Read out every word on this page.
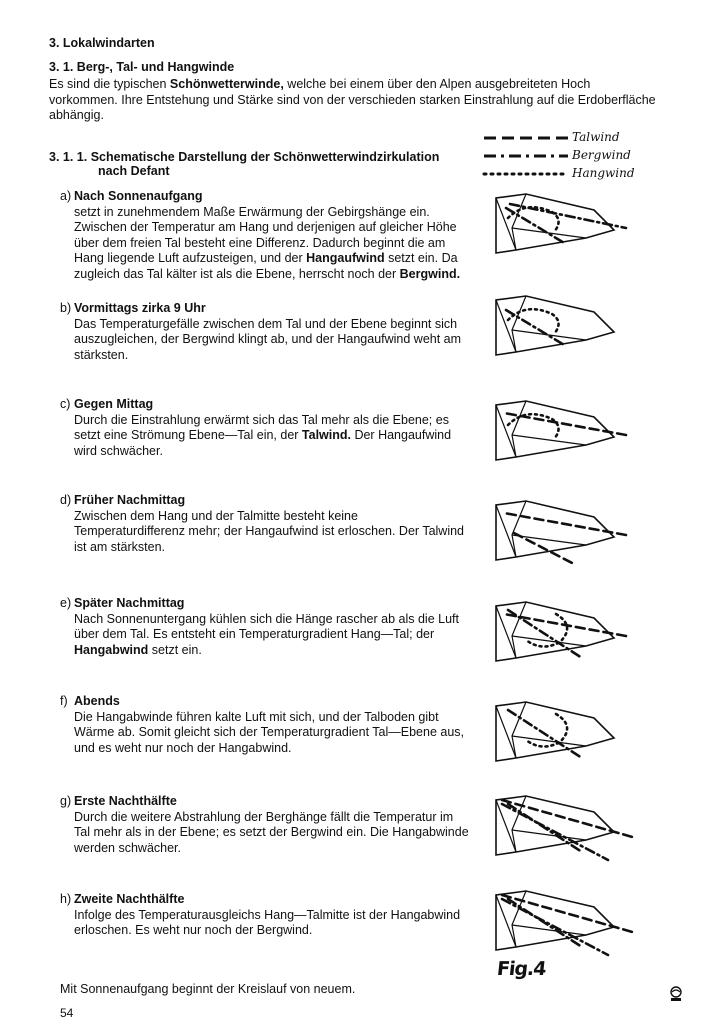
3. Lokalwindarten
3. 1. Berg-, Tal- und Hangwinde
Es sind die typischen Schönwetterwinde, welche bei einem über den Alpen ausgebreiteten Hoch vorkommen. Ihre Entstehung und Stärke sind von der verschieden starken Einstrahlung auf die Erdoberfläche abhängig.
3. 1. 1. Schematische Darstellung der Schönwetterwindzirkulation
nach Defant
Talwind
Bergwind
Hangwind
a) Nach Sonnenaufgang
setzt in zunehmendem Maße Erwärmung der Gebirgshänge ein. Zwischen der Temperatur am Hang und derjenigen auf gleicher Höhe über dem freien Tal besteht eine Differenz. Dadurch beginnt die am Hang liegende Luft aufzusteigen, und der Hangaufwind setzt ein. Da zugleich das Tal kälter ist als die Ebene, herrscht noch der Bergwind.
b) Vormittags zirka 9 Uhr
Das Temperaturgefälle zwischen dem Tal und der Ebene beginnt sich auszugleichen, der Bergwind klingt ab, und der Hangaufwind weht am stärksten.
c) Gegen Mittag
Durch die Einstrahlung erwärmt sich das Tal mehr als die Ebene; es setzt eine Strömung Ebene—Tal ein, der Talwind. Der Hangaufwind wird schwächer.
d) Früher Nachmittag
Zwischen dem Hang und der Talmitte besteht keine Temperaturdifferenz mehr; der Hangaufwind ist erloschen. Der Talwind ist am stärksten.
e) Später Nachmittag
Nach Sonnenuntergang kühlen sich die Hänge rascher ab als die Luft über dem Tal. Es entsteht ein Temperaturgradient Hang—Tal; der Hangabwind setzt ein.
f) Abends
Die Hangabwinde führen kalte Luft mit sich, und der Talboden gibt Wärme ab. Somit gleicht sich der Temperaturgradient Tal—Ebene aus, und es weht nur noch der Hangabwind.
g) Erste Nachthälfte
Durch die weitere Abstrahlung der Berghänge fällt die Temperatur im Tal mehr als in der Ebene; es setzt der Bergwind ein. Die Hangabwinde werden schwächer.
h) Zweite Nachthälfte
Infolge des Temperaturausgleichs Hang—Talmitte ist der Hangabwind erloschen. Es weht nur noch der Bergwind.
Fig.4
Mit Sonnenaufgang beginnt der Kreislauf von neuem.
54
